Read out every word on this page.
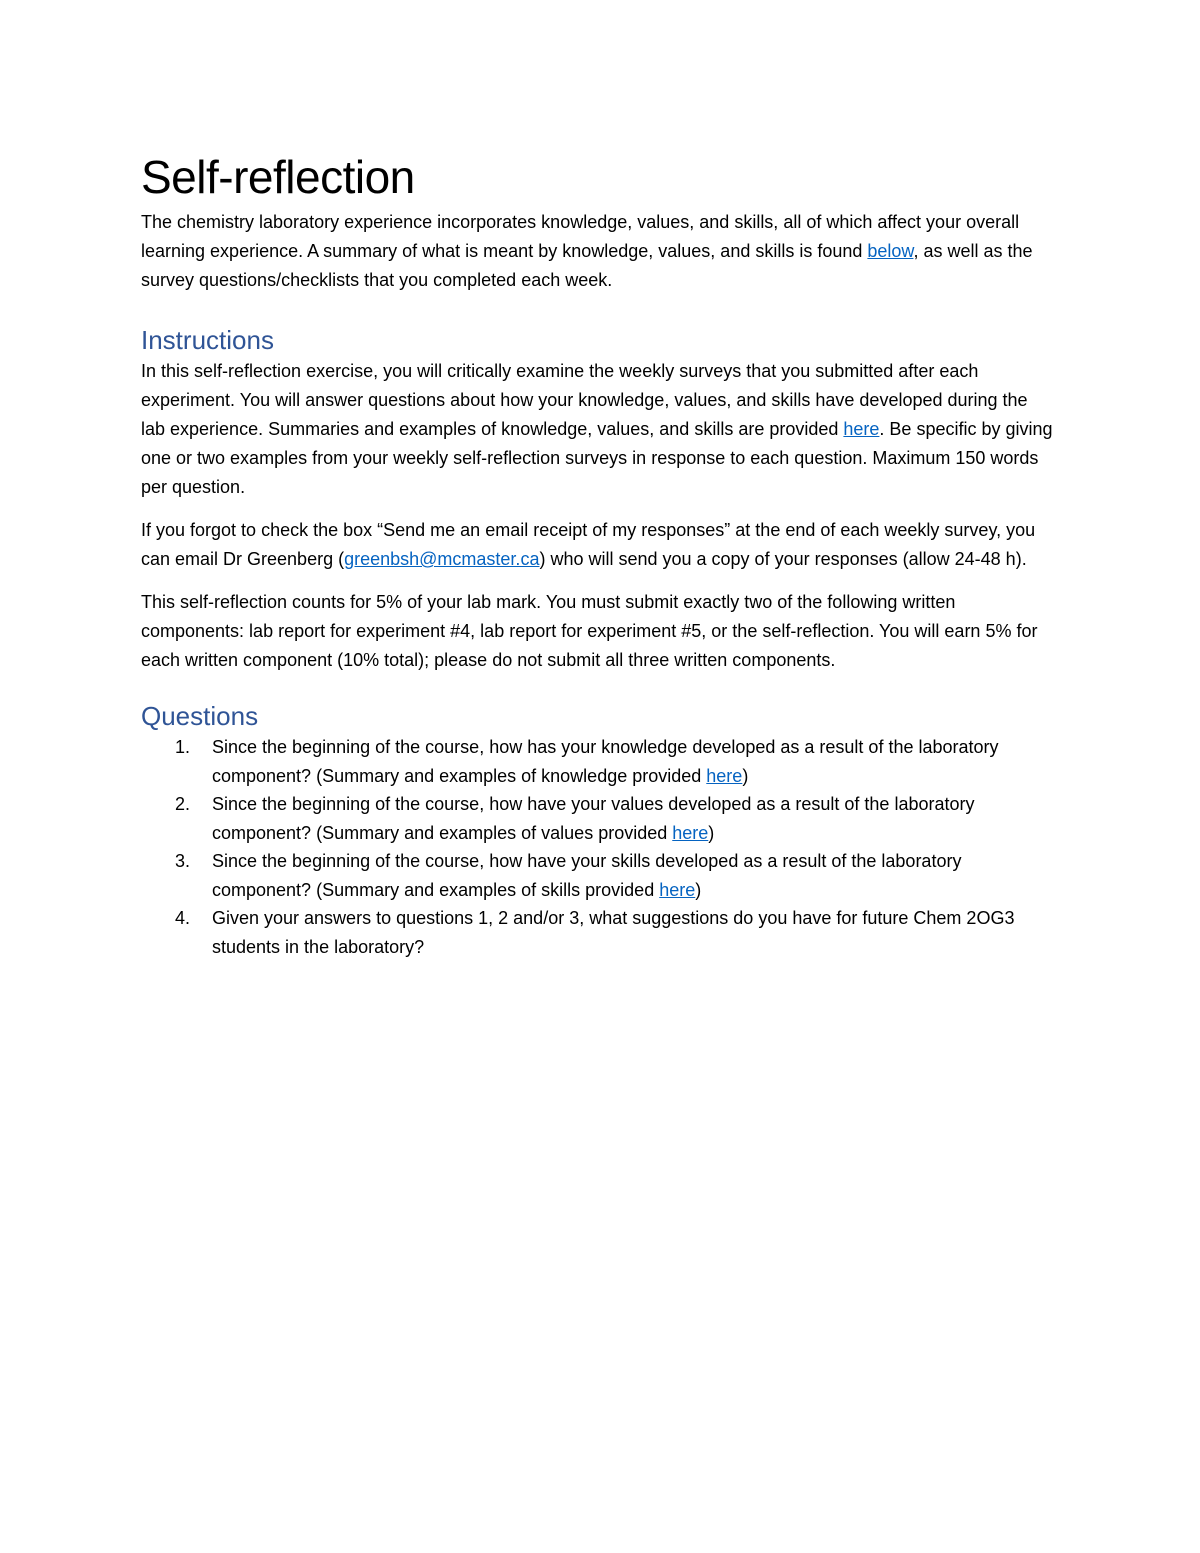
Self-reflection

The chemistry laboratory experience incorporates knowledge, values, and skills, all of which affect your overall learning experience. A summary of what is meant by knowledge, values, and skills is found below, as well as the survey questions/checklists that you completed each week.

Instructions

In this self-reflection exercise, you will critically examine the weekly surveys that you submitted after each experiment. You will answer questions about how your knowledge, values, and skills have developed during the lab experience. Summaries and examples of knowledge, values, and skills are provided here. Be specific by giving one or two examples from your weekly self-reflection surveys in response to each question. Maximum 150 words per question.

If you forgot to check the box “Send me an email receipt of my responses” at the end of each weekly survey, you can email Dr Greenberg (greenbsh@mcmaster.ca) who will send you a copy of your responses (allow 24-48 h).

This self-reflection counts for 5% of your lab mark. You must submit exactly two of the following written components: lab report for experiment #4, lab report for experiment #5, or the self-reflection. You will earn 5% for each written component (10% total); please do not submit all three written components.

Questions
1. Since the beginning of the course, how has your knowledge developed as a result of the laboratory component? (Summary and examples of knowledge provided here)
2. Since the beginning of the course, how have your values developed as a result of the laboratory component? (Summary and examples of values provided here)
3. Since the beginning of the course, how have your skills developed as a result of the laboratory component? (Summary and examples of skills provided here)
4. Given your answers to questions 1, 2 and/or 3, what suggestions do you have for future Chem 2OG3 students in the laboratory?
